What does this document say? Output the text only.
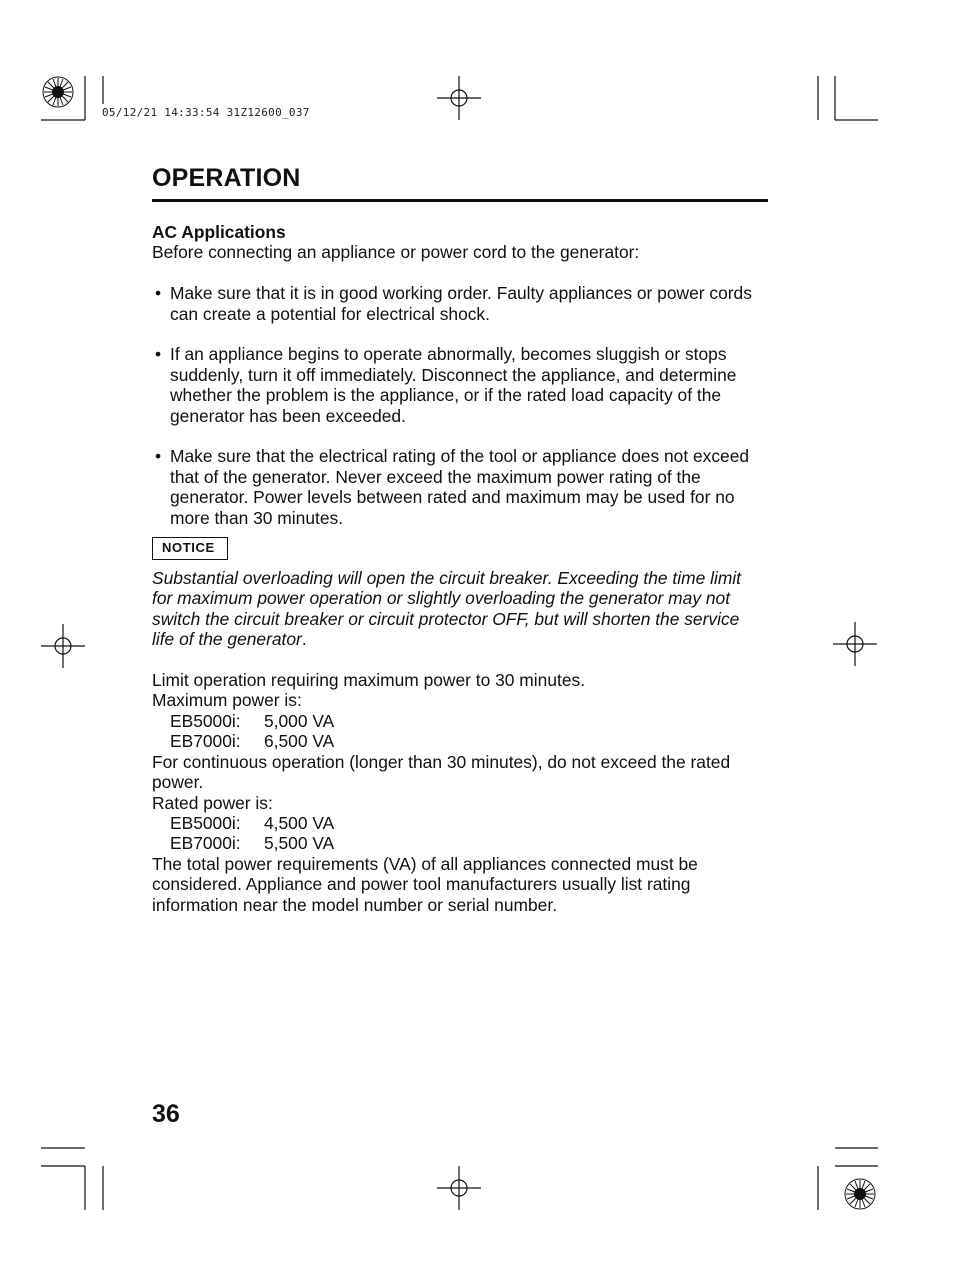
05/12/21 14:33:54 31Z12600_037
OPERATION

AC Applications

Before connecting an appliance or power cord to the generator:

• Make sure that it is in good working order. Faulty appliances or power cords can create a potential for electrical shock.
• If an appliance begins to operate abnormally, becomes sluggish or stops suddenly, turn it off immediately. Disconnect the appliance, and determine whether the problem is the appliance, or if the rated load capacity of the generator has been exceeded.
• Make sure that the electrical rating of the tool or appliance does not exceed that of the generator. Never exceed the maximum power rating of the generator. Power levels between rated and maximum may be used for no more than 30 minutes.
NOTICE

Substantial overloading will open the circuit breaker. Exceeding the time limit for maximum power operation or slightly overloading the generator may not switch the circuit breaker or circuit protector OFF, but will shorten the service life of the generator.

Limit operation requiring maximum power to 30 minutes.

Maximum power is:

EB5000i:	5,000 VA
EB7000i:	6,500 VA

For continuous operation (longer than 30 minutes), do not exceed the rated power.

Rated power is:

EB5000i:	4,500 VA
EB7000i:	5,500 VA

The total power requirements (VA) of all appliances connected must be considered. Appliance and power tool manufacturers usually list rating information near the model number or serial number.

36
